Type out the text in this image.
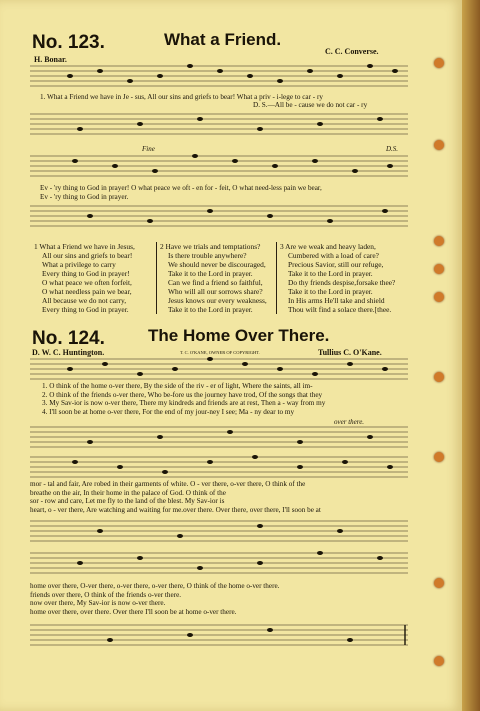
No. 123.	What a Friend.
H. Bonar.
C. C. Converse.
1. What a Friend we have in Je - sus, All our sins and griefs to bear! What a priv - i-lege to car - ry
D. S.—All be - cause we do not car - ry
Fine	D.S.
Ev - 'ry thing to God in prayer! O what peace we oft - en for - feit, O what need-less pain we bear,
Ev - 'ry thing to God in prayer.
1 What a Friend we have in Jesus,
All our sins and griefs to bear!
What a privilege to carry
Every thing to God in prayer!
O what peace we often forfeit,
O what needless pain we bear,
All because we do not carry,
Every thing to God in prayer.
2 Have we trials and temptations?
Is there trouble anywhere?
We should never be discouraged,
Take it to the Lord in prayer.
Can we find a friend so faithful,
Who will all our sorrows share?
Jesus knows our every weakness,
Take it to the Lord in prayer.
3 Are we weak and heavy laden,
Cumbered with a load of care?
Precious Savior, still our refuge,
Take it to the Lord in prayer.
Do thy friends despise,forsake thee?
Take it to the Lord in prayer.
In His arms He'll take and shield
Thou wilt find a solace there.[thee.
No. 124.	The Home Over There.
D. W. C. Huntington.	T. C. O'KANE, OWNER OF COPYRIGHT.	Tullius C. O'Kane.
1. O think of the home o-ver there, By the side of the riv - er of light, Where the saints, all im-
2. O think of the friends o-ver there, Who be-fore us the journey have trod, Of the songs that they
3. My Sav-ior is now o-ver there, There my kindreds and friends are at rest, Then a - way from my
4. I'll soon be at home o-ver there, For the end of my jour-ney I see; Ma - ny dear to my
over there.
mor - tal and fair, Are robed in their garments of white. O - ver there, o-ver there, O think of the
breathe on the air, In their home in the palace of God. O think of the
sor - row and care, Let me fly to the land of the blest. My Sav-ior is
heart, o - ver there, Are watching and waiting for me.over there. Over there, over there, I'll soon be at
home over there, O-ver there, o-ver there, o-ver there, O think of the home o-ver there.
friends over there, O think of the friends o-ver there.
now over there, My Sav-ior is now o-ver there.
home over there, over there. Over there I'll soon be at home o-ver there.
